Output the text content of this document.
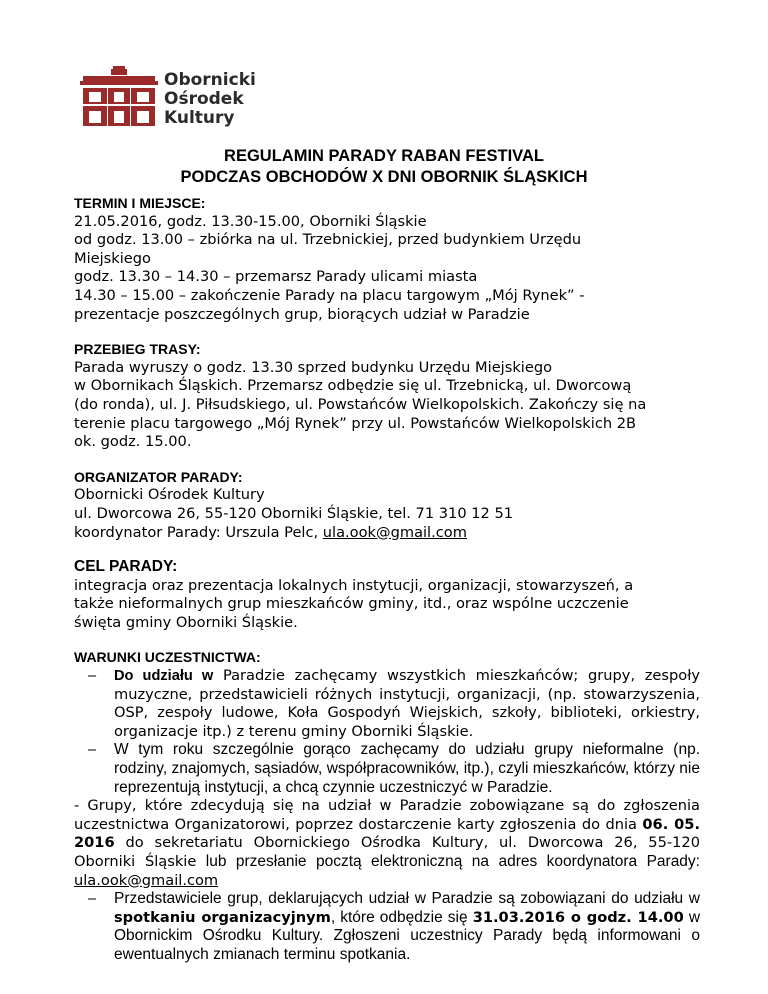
Obornicki
Ośrodek
Kultury
REGULAMIN PARADY RABAN FESTIVAL
PODCZAS OBCHODÓW X DNI OBORNIK ŚLĄSKICH
TERMIN I MIEJSCE:
21.05.2016, godz. 13.30-15.00, Oborniki Śląskie
od godz. 13.00 – zbiórka na ul. Trzebnickiej, przed budynkiem Urzędu
Miejskiego
godz. 13.30 – 14.30 – przemarsz Parady ulicami miasta
14.30 – 15.00 – zakończenie Parady na placu targowym „Mój Rynek” -
prezentacje poszczególnych grup, biorących udział w Paradzie
PRZEBIEG TRASY:
Parada wyruszy o godz. 13.30 sprzed budynku Urzędu Miejskiego
w Obornikach Śląskich. Przemarsz odbędzie się ul. Trzebnicką, ul. Dworcową
(do ronda), ul. J. Piłsudskiego, ul. Powstańców Wielkopolskich. Zakończy się na
terenie placu targowego „Mój Rynek” przy ul. Powstańców Wielkopolskich 2B
ok. godz. 15.00.
ORGANIZATOR PARADY:
Obornicki Ośrodek Kultury
ul. Dworcowa 26, 55-120 Oborniki Śląskie, tel. 71 310 12 51
koordynator Parady: Urszula Pelc, ula.ook@gmail.com
CEL PARADY:
integracja oraz prezentacja lokalnych instytucji, organizacji, stowarzyszeń, a
także nieformalnych grup mieszkańców gminy, itd., oraz wspólne uczczenie
święta gminy Oborniki Śląskie.
WARUNKI UCZESTNICTWA:
– Do udziału w Paradzie zachęcamy wszystkich mieszkańców; grupy, zespoły muzyczne, przedstawicieli różnych instytucji, organizacji, (np. stowarzyszenia, OSP, zespoły ludowe, Koła Gospodyń Wiejskich, szkoły, biblioteki, orkiestry, organizacje itp.) z terenu gminy Oborniki Śląskie.
– W tym roku szczególnie gorąco zachęcamy do udziału grupy nieformalne (np. rodziny, znajomych, sąsiadów, współpracowników, itp.), czyli mieszkańców, którzy nie reprezentują instytucji, a chcą czynnie uczestniczyć w Paradzie.
- Grupy, które zdecydują się na udział w Paradzie zobowiązane są do zgłoszenia uczestnictwa Organizatorowi, poprzez dostarczenie karty zgłoszenia do dnia 06. 05. 2016 do sekretariatu Obornickiego Ośrodka Kultury, ul. Dworcowa 26, 55-120 Oborniki Śląskie lub przesłanie pocztą elektroniczną na adres koordynatora Parady: ula.ook@gmail.com
– Przedstawiciele grup, deklarujących udział w Paradzie są zobowiązani do udziału w spotkaniu organizacyjnym, które odbędzie się 31.03.2016 o godz. 14.00 w Obornickim Ośrodku Kultury. Zgłoszeni uczestnicy Parady będą informowani o ewentualnych zmianach terminu spotkania.
